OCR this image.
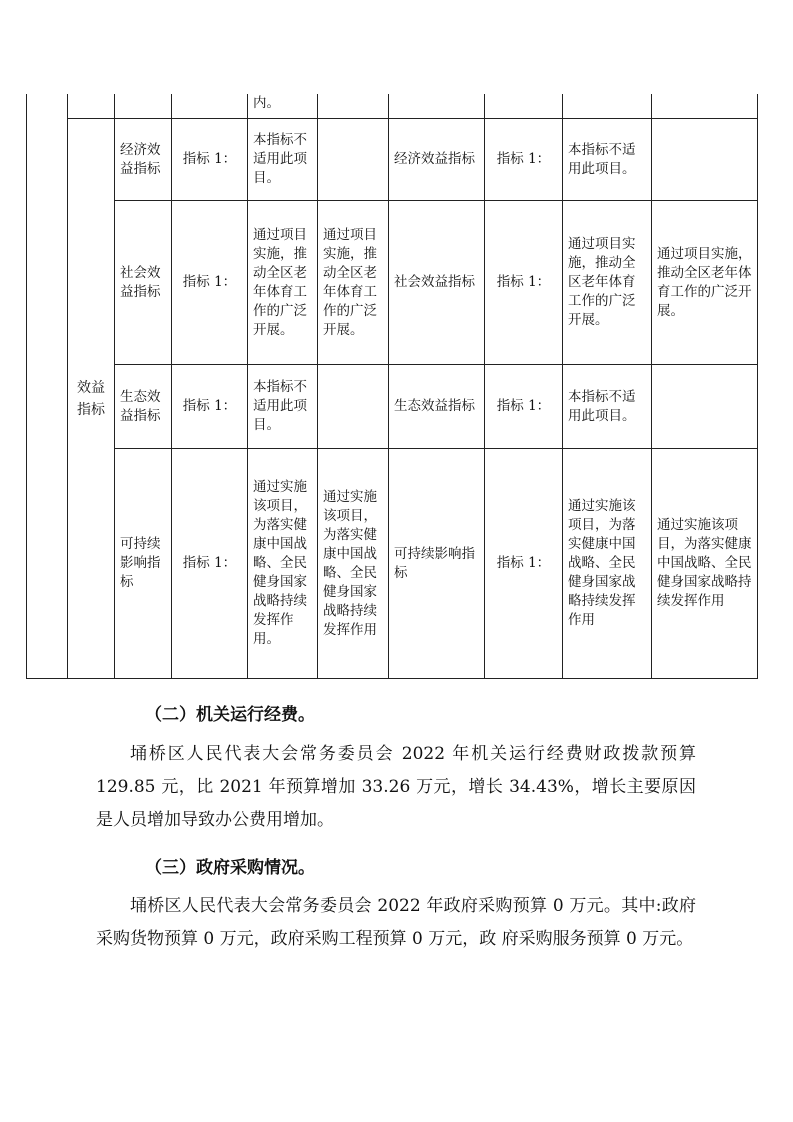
				内。					
	效益指标	经济效益指标	指标 1：	本指标不适用此项目。		经济效益指标	指标 1：	本指标不适用此项目。	
		社会效益指标	指标 1：	通过项目实施，推动全区老年体育工作的广泛开展。	通过项目实施，推动全区老年体育工作的广泛开展。	社会效益指标	指标 1：	通过项目实施，推动全区老年体育工作的广泛开展。	通过项目实施，推动全区老年体育工作的广泛开展。
		生态效益指标	指标 1：	本指标不适用此项目。		生态效益指标	指标 1：	本指标不适用此项目。	
		可持续影响指标	指标 1：	通过实施该项目，为落实健康中国战略、全民健身国家战略持续发挥作用。	通过实施该项目，为落实健康中国战略、全民健身国家战略持续发挥作用	可持续影响指标	指标 1：	通过实施该项目，为落实健康中国战略、全民健身国家战略持续发挥作用	通过实施该项目，为落实健康中国战略、全民健身国家战略持续发挥作用
（二）机关运行经费。

埇桥区人民代表大会常务委员会 2022 年机关运行经费财政拨款预算 129.85 元，比 2021 年预算增加 33.26 万元，增长 34.43%，增长主要原因是人员增加导致办公费用增加。

（三）政府采购情况。

埇桥区人民代表大会常务委员会 2022 年政府采购预算 0 万元。其中:政府采购货物预算 0 万元，政府采购工程预算 0 万元，政 府采购服务预算 0 万元。
